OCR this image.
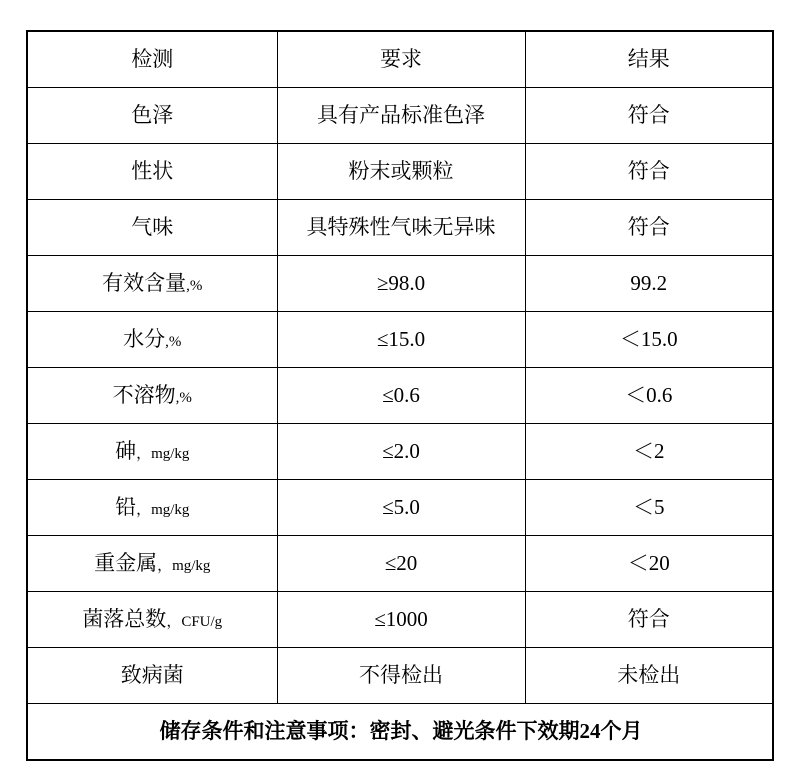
检测	要求	结果

色泽	具有产品标准色泽	符合

性状	粉末或颗粒	符合

气味	具特殊性气味无异味	符合

有效含量,%	≥98.0	99.2

水分,%	≤15.0	＜15.0

不溶物,%	≤0.6	＜0.6

砷，mg/kg	≤2.0	＜2

铅，mg/kg	≤5.0	＜5

重金属，mg/kg	≤20	＜20

菌落总数，CFU/g	≤1000	符合

致病菌	不得检出	未检出

储存条件和注意事项：密封、避光条件下效期24个月		
